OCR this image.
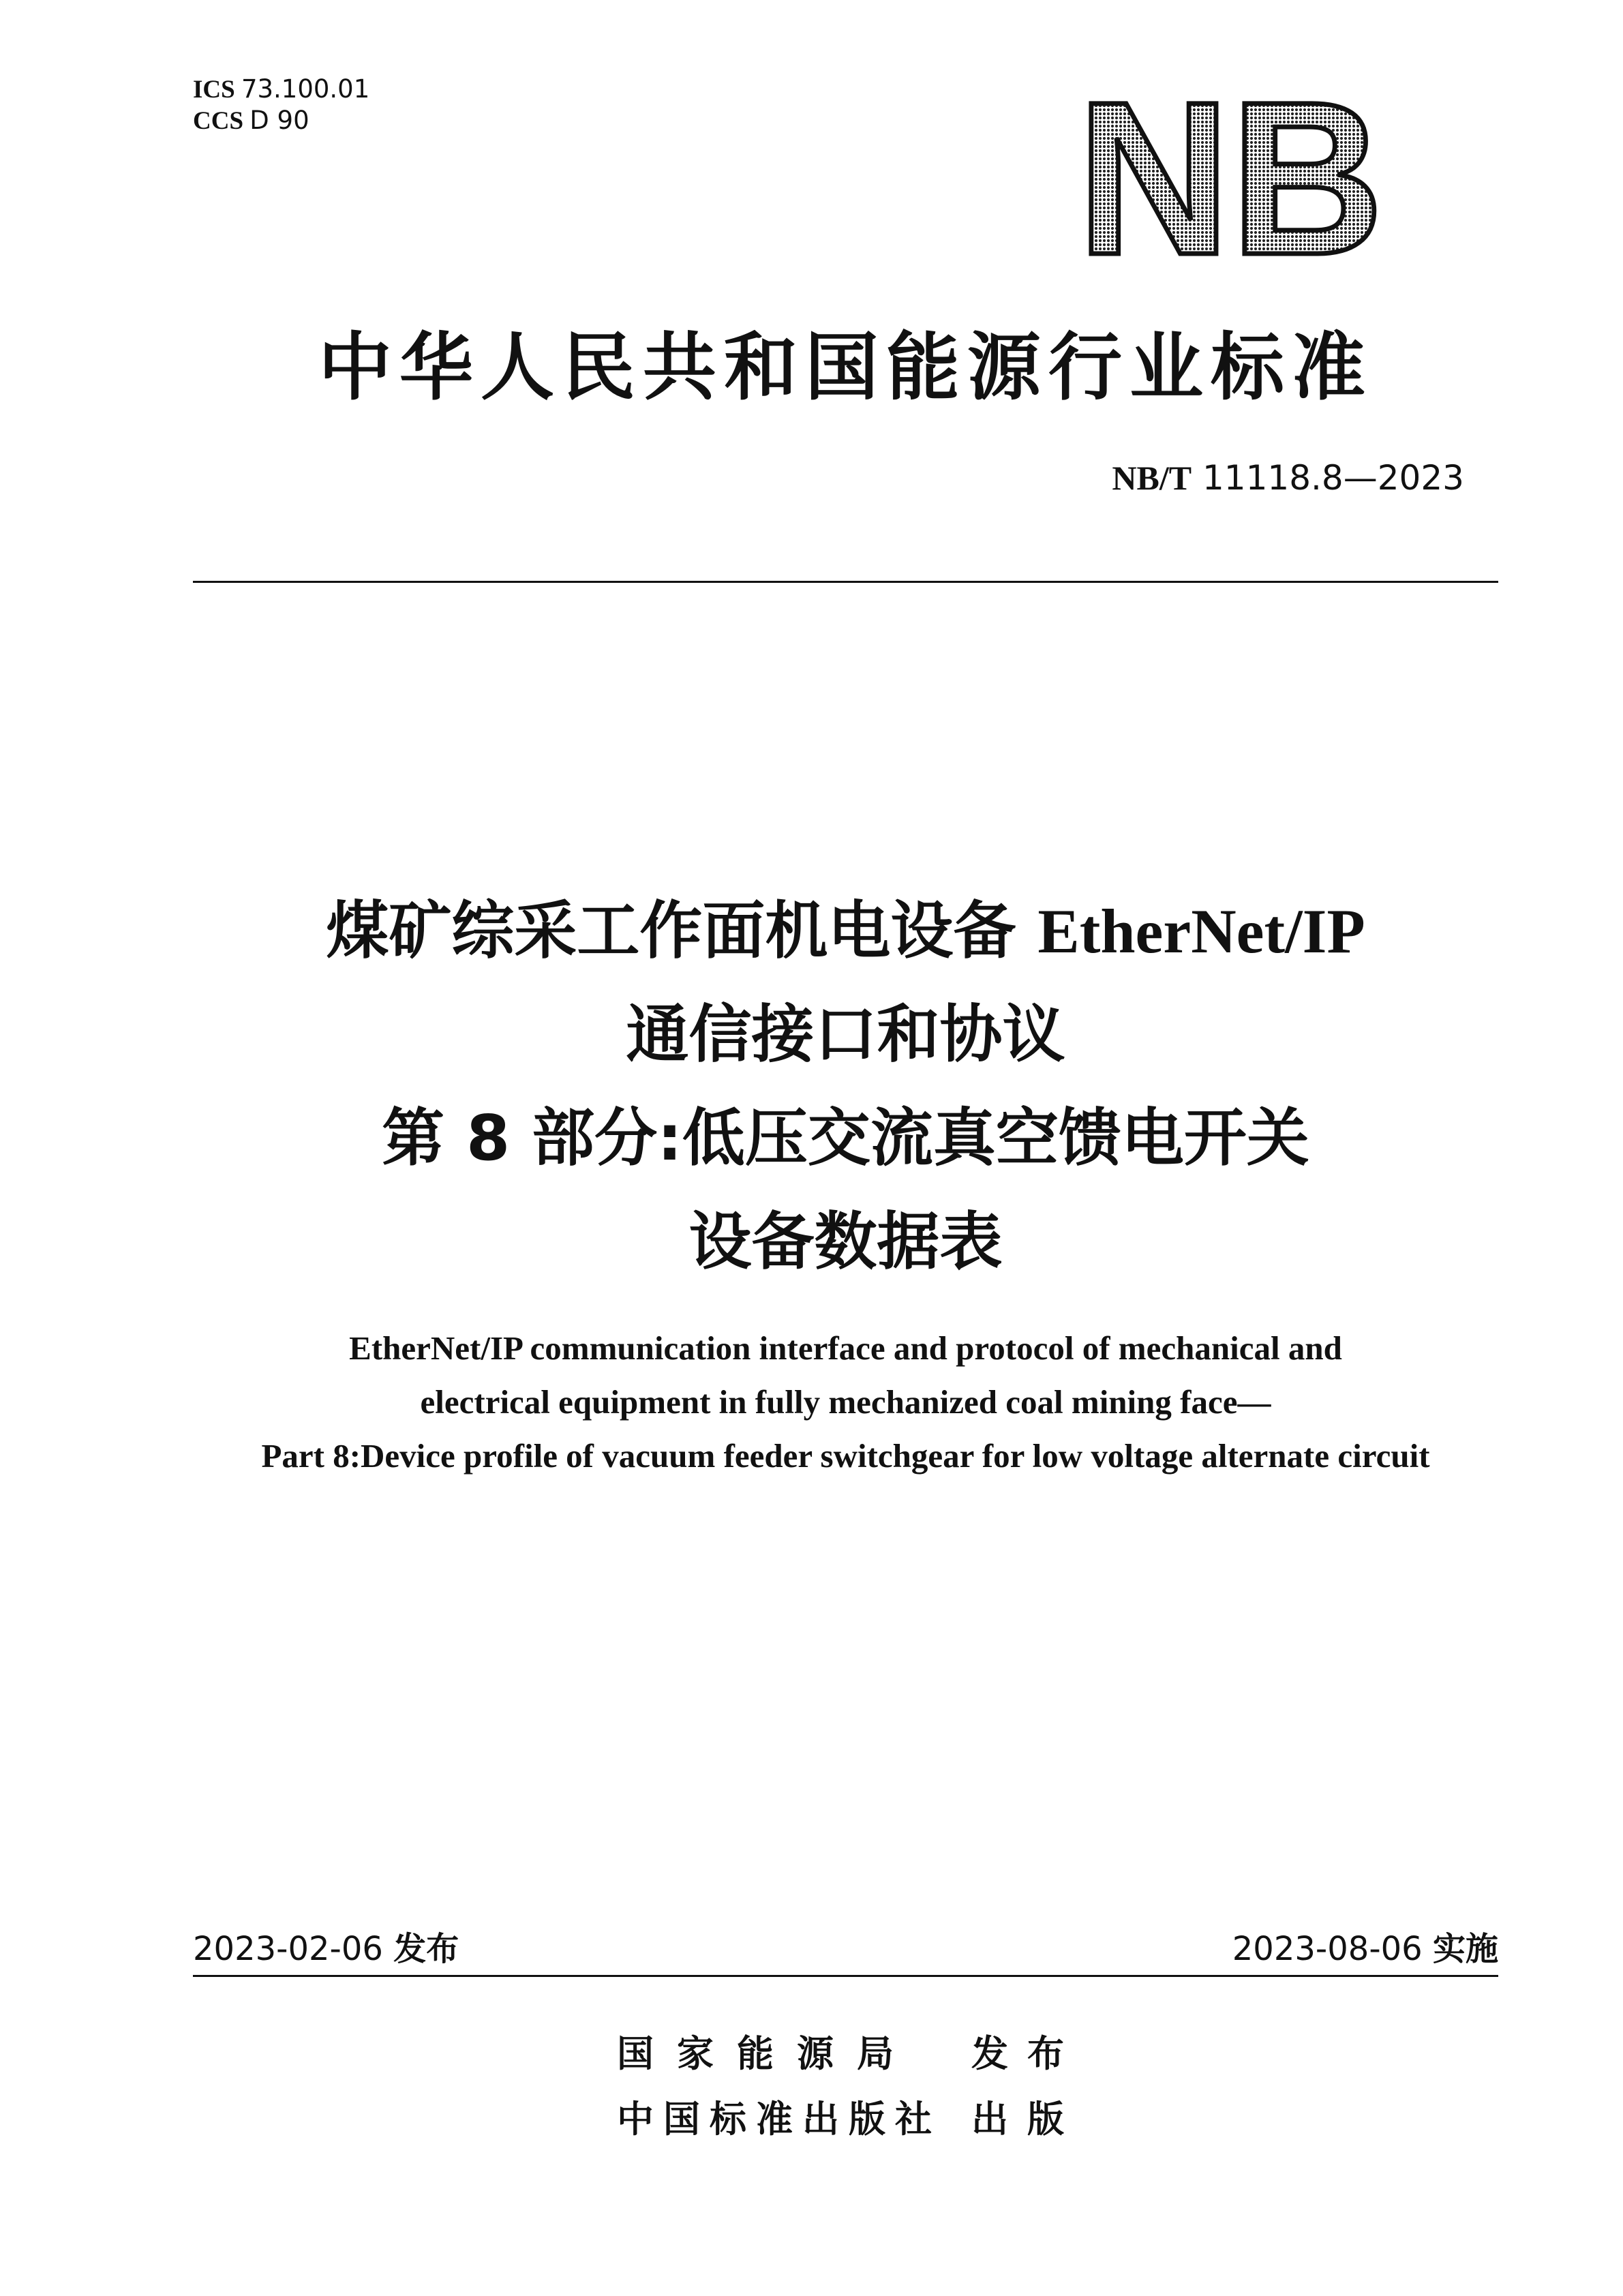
ICS 73.100.01
CCS D 90	NB
中华人民共和国能源行业标准
NB/T 11118.8—2023
煤矿综采工作面机电设备 EtherNet/IP
通信接口和协议
第 8 部分:低压交流真空馈电开关
设备数据表
EtherNet/IP communication interface and protocol of mechanical and
electrical equipment in fully mechanized coal mining face—
Part 8:Device profile of vacuum feeder switchgear for low voltage alternate circuit
2023-02-06 发布	2023-08-06 实施
国家能源局 发布
中国标准出版社 出版
